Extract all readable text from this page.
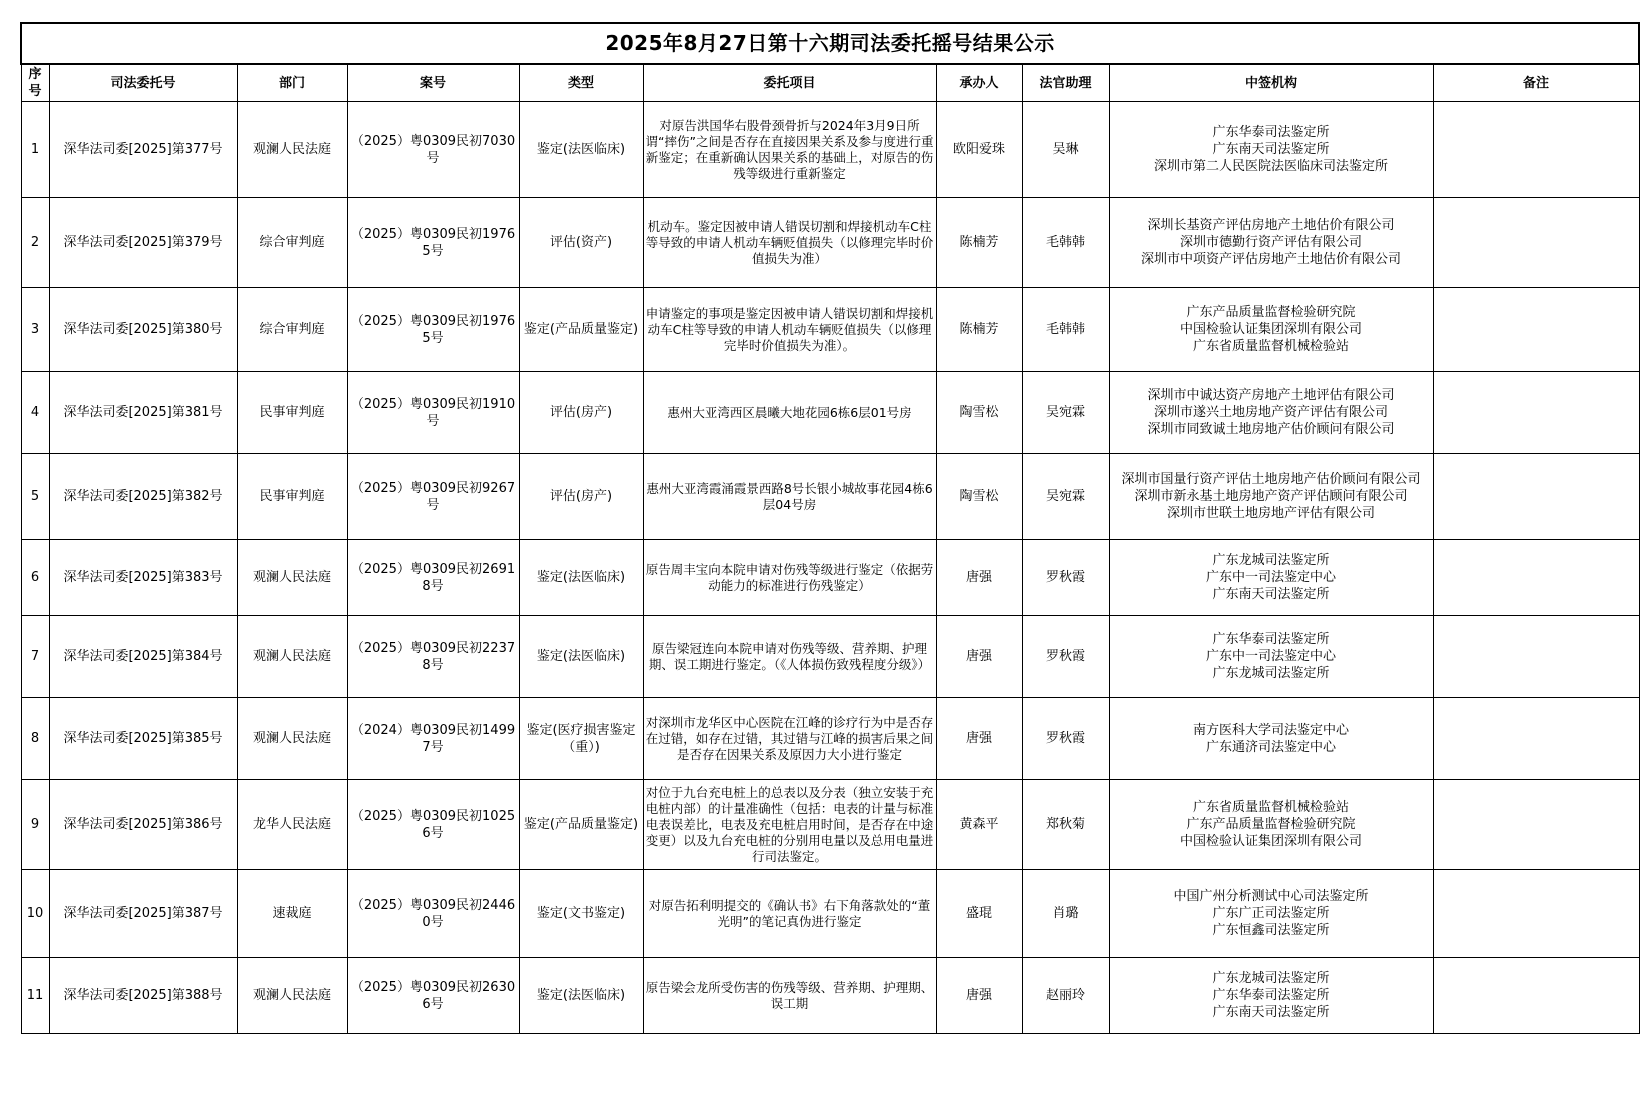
2025年8月27日第十六期司法委托摇号结果公示									
序号	司法委托号	部门	案号	类型	委托项目	承办人	法官助理	中签机构	备注
1	深华法司委[2025]第377号	观澜人民法庭	（2025）粤0309民初7030号	鉴定(法医临床)	对原告洪国华右股骨颈骨折与2024年3月9日所谓“摔伤”之间是否存在直接因果关系及参与度进行重新鉴定；在重新确认因果关系的基础上，对原告的伤残等级进行重新鉴定	欧阳爱珠	吴琳	广东华泰司法鉴定所
广东南天司法鉴定所
深圳市第二人民医院法医临床司法鉴定所	

2	深华法司委[2025]第379号	综合审判庭	（2025）粤0309民初19765号	评估(资产)	机动车。鉴定因被申请人错误切割和焊接机动车C柱等导致的申请人机动车辆贬值损失（以修理完毕时价值损失为准）	陈楠芳	毛韩韩	深圳长基资产评估房地产土地估价有限公司
深圳市德勤行资产评估有限公司
深圳市中项资产评估房地产土地估价有限公司	

3	深华法司委[2025]第380号	综合审判庭	（2025）粤0309民初19765号	鉴定(产品质量鉴定)	申请鉴定的事项是鉴定因被申请人错误切割和焊接机动车C柱等导致的申请人机动车辆贬值损失（以修理完毕时价值损失为准）。	陈楠芳	毛韩韩	广东产品质量监督检验研究院
中国检验认证集团深圳有限公司
广东省质量监督机械检验站	

4	深华法司委[2025]第381号	民事审判庭	（2025）粤0309民初1910号	评估(房产)	惠州大亚湾西区晨曦大地花园6栋6层01号房	陶雪松	吴宛霖	深圳市中诚达资产房地产土地评估有限公司
深圳市遂兴土地房地产资产评估有限公司
深圳市同致诚土地房地产估价顾问有限公司	

5	深华法司委[2025]第382号	民事审判庭	（2025）粤0309民初9267号	评估(房产)	惠州大亚湾霞涌霞景西路8号长银小城故事花园4栋6层04号房	陶雪松	吴宛霖	深圳市国量行资产评估土地房地产估价顾问有限公司
深圳市新永基土地房地产资产评估顾问有限公司
深圳市世联土地房地产评估有限公司	

6	深华法司委[2025]第383号	观澜人民法庭	（2025）粤0309民初26918号	鉴定(法医临床)	原告周丰宝向本院申请对伤残等级进行鉴定（依据劳动能力的标准进行伤残鉴定）	唐强	罗秋霞	广东龙城司法鉴定所
广东中一司法鉴定中心
广东南天司法鉴定所	

7	深华法司委[2025]第384号	观澜人民法庭	（2025）粤0309民初22378号	鉴定(法医临床)	原告梁冠连向本院申请对伤残等级、营养期、护理期、误工期进行鉴定。（《人体损伤致残程度分级》）	唐强	罗秋霞	广东华泰司法鉴定所
广东中一司法鉴定中心
广东龙城司法鉴定所	

8	深华法司委[2025]第385号	观澜人民法庭	（2024）粤0309民初14997号	鉴定(医疗损害鉴定（重）)	对深圳市龙华区中心医院在江峰的诊疗行为中是否存在过错，如存在过错，其过错与江峰的损害后果之间是否存在因果关系及原因力大小进行鉴定	唐强	罗秋霞	南方医科大学司法鉴定中心
广东通济司法鉴定中心	

9	深华法司委[2025]第386号	龙华人民法庭	（2025）粤0309民初10256号	鉴定(产品质量鉴定)	对位于九台充电桩上的总表以及分表（独立安装于充电桩内部）的计量准确性（包括：电表的计量与标准电表误差比，电表及充电桩启用时间，是否存在中途变更）以及九台充电桩的分别用电量以及总用电量进行司法鉴定。	黄森平	郑秋菊	广东省质量监督机械检验站
广东产品质量监督检验研究院
中国检验认证集团深圳有限公司	

10	深华法司委[2025]第387号	速裁庭	（2025）粤0309民初24460号	鉴定(文书鉴定)	对原告拓利明提交的《确认书》右下角落款处的“董光明”的笔记真伪进行鉴定	盛琨	肖璐	中国广州分析测试中心司法鉴定所
广东广正司法鉴定所
广东恒鑫司法鉴定所	

11	深华法司委[2025]第388号	观澜人民法庭	（2025）粤0309民初26306号	鉴定(法医临床)	原告梁会龙所受伤害的伤残等级、营养期、护理期、误工期	唐强	赵丽玲	广东龙城司法鉴定所
广东华泰司法鉴定所
广东南天司法鉴定所	
